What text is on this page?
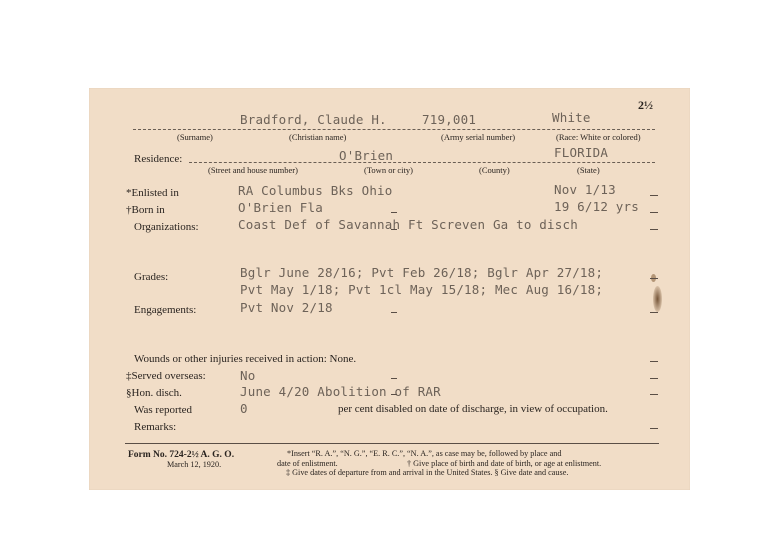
2½
Bradford, Claude H.	719,001	White
(Surname)	(Christian name)	(Army serial number)	(Race: White or colored)
Residence:	O'Brien	FLORIDA
(Street and house number)	(Town or city)	(County)	(State)
*Enlisted in	RA Columbus Bks Ohio	Nov 1/13
†Born in	O'Brien Fla	19 6/12 yrs
Organizations:	Coast Def of Savannah Ft Screven Ga to disch
Grades:	Bglr June 28/16; Pvt Feb 26/18; Bglr Apr 27/18;
Pvt May 1/18; Pvt 1cl May 15/18; Mec Aug 16/18;
Engagements:	Pvt Nov 2/18
Wounds or other injuries received in action: None.
‡Served overseas:	No
§Hon. disch.	June 4/20 Abolition of RAR
Was reported	0	per cent disabled on date of discharge, in view of occupation.
Remarks:
Form No. 724-2½ A. G. O.
March 12, 1920.
*Insert “R. A.”, “N. G.”, “E. R. C.”, “N. A.”, as case may be, followed by place and
date of enlistment.	† Give place of birth and date of birth, or age at enlistment.
‡ Give dates of departure from and arrival in the United States. § Give date and cause.
